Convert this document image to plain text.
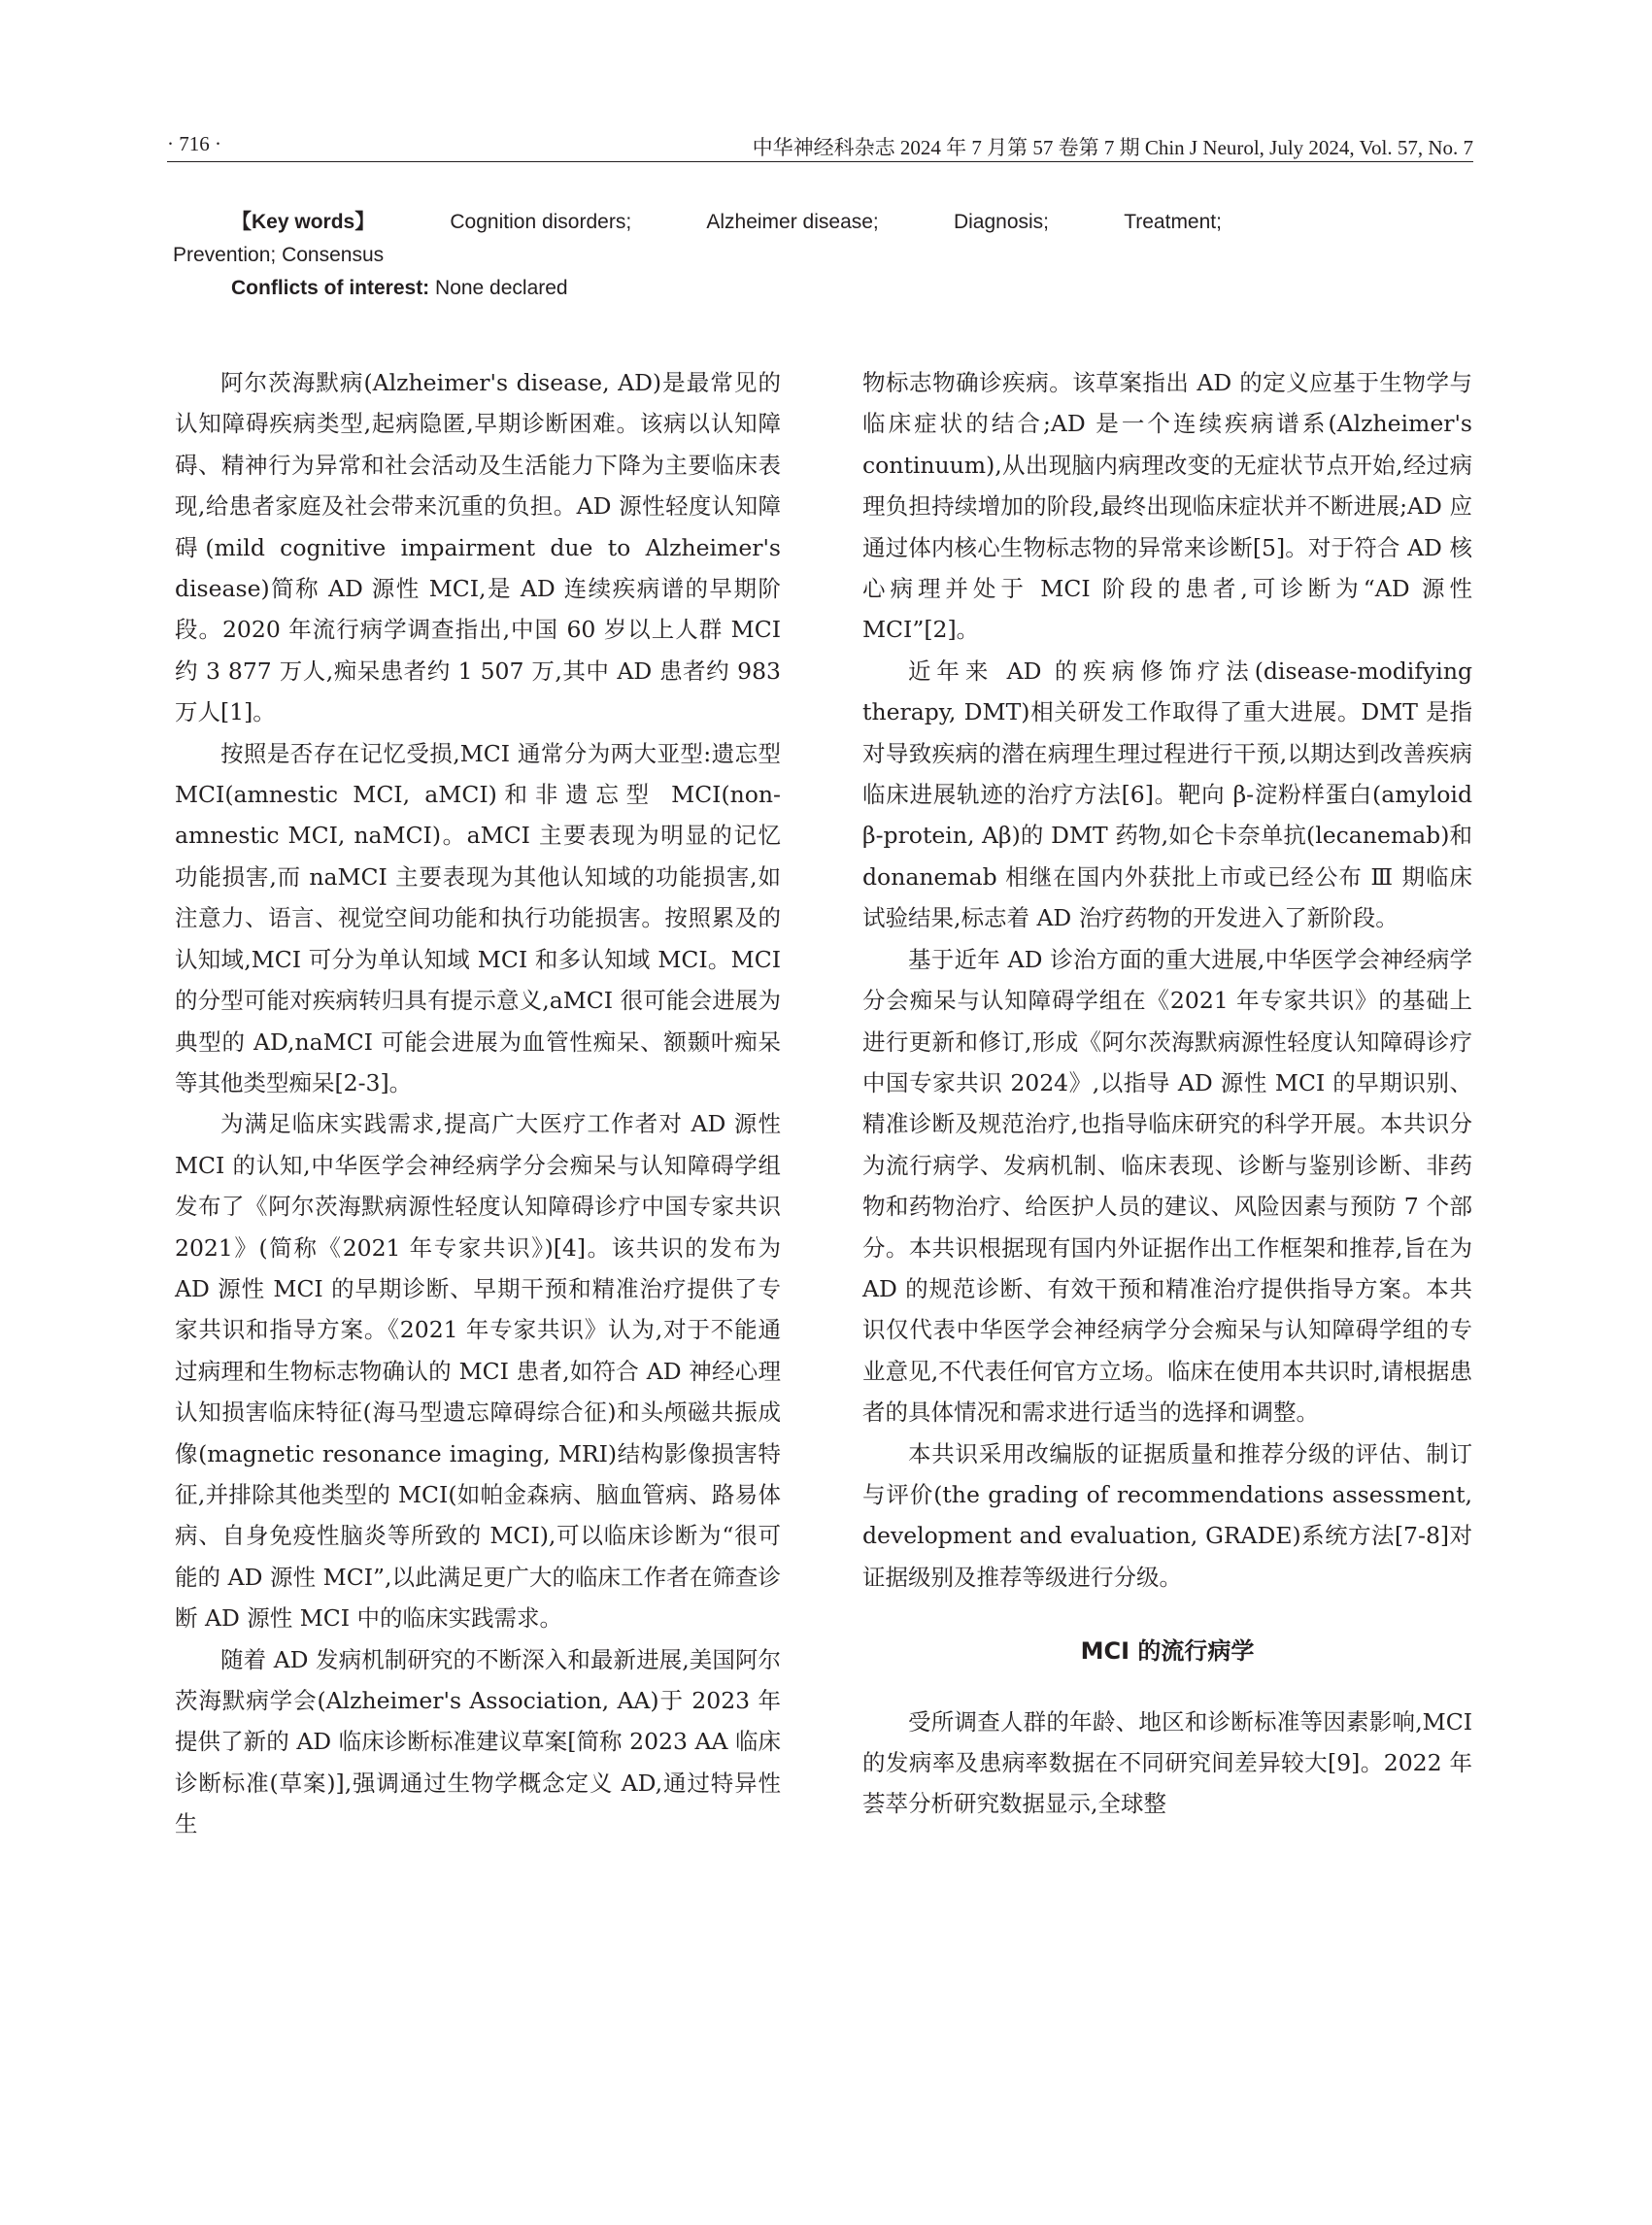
· 716 ·	中华神经科杂志 2024 年 7 月第 57 卷第 7 期 Chin J Neurol, July 2024, Vol. 57, No. 7
【Key words】	Cognition disorders;	Alzheimer disease;	Diagnosis;	Treatment;
Prevention; Consensus
Conflicts of interest: None declared

阿尔茨海默病(Alzheimer's disease, AD)是最常见的认知障碍疾病类型,起病隐匿,早期诊断困难。该病以认知障碍、精神行为异常和社会活动及生活能力下降为主要临床表现,给患者家庭及社会带来沉重的负担。AD 源性轻度认知障碍(mild cognitive impairment due to Alzheimer's disease)简称 AD 源性 MCI,是 AD 连续疾病谱的早期阶段。2020 年流行病学调查指出,中国 60 岁以上人群 MCI 约 3 877 万人,痴呆患者约 1 507 万,其中 AD 患者约 983 万人[1]。

按照是否存在记忆受损,MCI 通常分为两大亚型:遗忘型 MCI(amnestic MCI, aMCI)和非遗忘型 MCI(non-amnestic MCI, naMCI)。aMCI 主要表现为明显的记忆功能损害,而 naMCI 主要表现为其他认知域的功能损害,如注意力、语言、视觉空间功能和执行功能损害。按照累及的认知域,MCI 可分为单认知域 MCI 和多认知域 MCI。MCI 的分型可能对疾病转归具有提示意义,aMCI 很可能会进展为典型的 AD,naMCI 可能会进展为血管性痴呆、额颞叶痴呆等其他类型痴呆[2-3]。

为满足临床实践需求,提高广大医疗工作者对 AD 源性 MCI 的认知,中华医学会神经病学分会痴呆与认知障碍学组发布了《阿尔茨海默病源性轻度认知障碍诊疗中国专家共识 2021》(简称《2021 年专家共识》)[4]。该共识的发布为 AD 源性 MCI 的早期诊断、早期干预和精准治疗提供了专家共识和指导方案。《2021 年专家共识》认为,对于不能通过病理和生物标志物确认的 MCI 患者,如符合 AD 神经心理认知损害临床特征(海马型遗忘障碍综合征)和头颅磁共振成像(magnetic resonance imaging, MRI)结构影像损害特征,并排除其他类型的 MCI(如帕金森病、脑血管病、路易体病、自身免疫性脑炎等所致的 MCI),可以临床诊断为“很可能的 AD 源性 MCI”,以此满足更广大的临床工作者在筛查诊断 AD 源性 MCI 中的临床实践需求。

随着 AD 发病机制研究的不断深入和最新进展,美国阿尔茨海默病学会(Alzheimer's Association, AA)于 2023 年提供了新的 AD 临床诊断标准建议草案[简称 2023 AA 临床诊断标准(草案)],强调通过生物学概念定义 AD,通过特异性生

物标志物确诊疾病。该草案指出 AD 的定义应基于生物学与临床症状的结合;AD 是一个连续疾病谱系(Alzheimer's continuum),从出现脑内病理改变的无症状节点开始,经过病理负担持续增加的阶段,最终出现临床症状并不断进展;AD 应通过体内核心生物标志物的异常来诊断[5]。对于符合 AD 核心病理并处于 MCI 阶段的患者,可诊断为“AD 源性 MCI”[2]。

近年来 AD 的疾病修饰疗法(disease-modifying therapy, DMT)相关研发工作取得了重大进展。DMT 是指对导致疾病的潜在病理生理过程进行干预,以期达到改善疾病临床进展轨迹的治疗方法[6]。靶向 β-淀粉样蛋白(amyloid β-protein, Aβ)的 DMT 药物,如仑卡奈单抗(lecanemab)和 donanemab 相继在国内外获批上市或已经公布 Ⅲ 期临床试验结果,标志着 AD 治疗药物的开发进入了新阶段。

基于近年 AD 诊治方面的重大进展,中华医学会神经病学分会痴呆与认知障碍学组在《2021 年专家共识》的基础上进行更新和修订,形成《阿尔茨海默病源性轻度认知障碍诊疗中国专家共识 2024》,以指导 AD 源性 MCI 的早期识别、精准诊断及规范治疗,也指导临床研究的科学开展。本共识分为流行病学、发病机制、临床表现、诊断与鉴别诊断、非药物和药物治疗、给医护人员的建议、风险因素与预防 7 个部分。本共识根据现有国内外证据作出工作框架和推荐,旨在为 AD 的规范诊断、有效干预和精准治疗提供指导方案。本共识仅代表中华医学会神经病学分会痴呆与认知障碍学组的专业意见,不代表任何官方立场。临床在使用本共识时,请根据患者的具体情况和需求进行适当的选择和调整。

本共识采用改编版的证据质量和推荐分级的评估、制订与评价(the grading of recommendations assessment, development and evaluation, GRADE)系统方法[7-8]对证据级别及推荐等级进行分级。

MCI 的流行病学

受所调查人群的年龄、地区和诊断标准等因素影响,MCI 的发病率及患病率数据在不同研究间差异较大[9]。2022 年荟萃分析研究数据显示,全球整
